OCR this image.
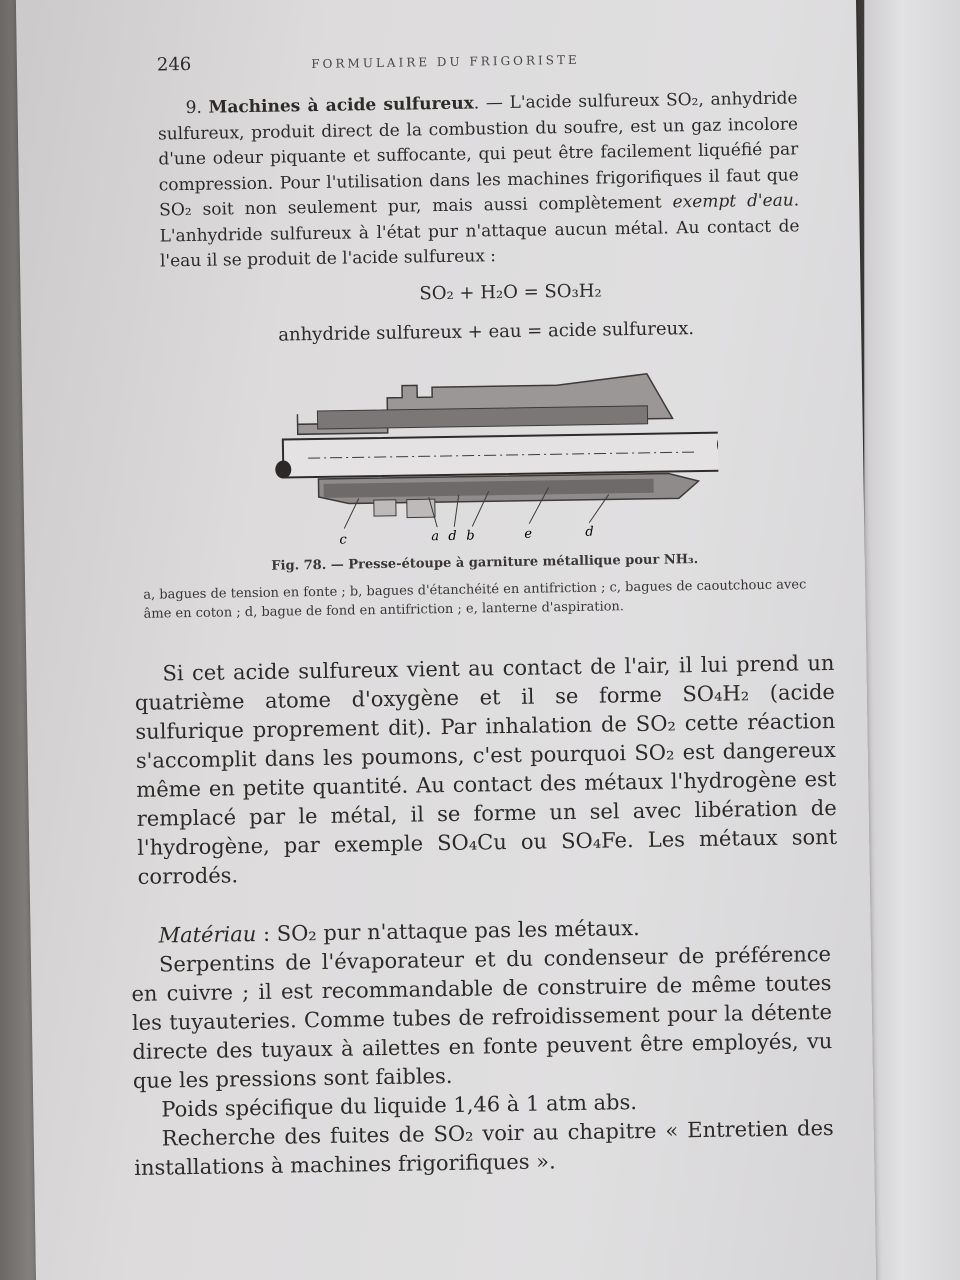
246	FORMULAIRE DU FRIGORISTE

9. Machines à acide sulfureux. — L'acide sulfureux SO₂, anhydride sulfureux, produit direct de la combustion du soufre, est un gaz incolore d'une odeur piquante et suffocante, qui peut être facilement liquéfié par compression. Pour l'utilisation dans les machines frigorifiques il faut que SO₂ soit non seulement pur, mais aussi complètement exempt d'eau. L'anhydride sulfureux à l'état pur n'attaque aucun métal. Au contact de l'eau il se produit de l'acide sulfureux :

SO₂ + H₂O = SO₃H₂

anhydride sulfureux + eau = acide sulfureux.

c	a d b	e	d

Fig. 78. — Presse-étoupe à garniture métallique pour NH₃.

a, bagues de tension en fonte ; b, bagues d'étanchéité en antifriction ; c, bagues de caoutchouc avec âme en coton ; d, bague de fond en antifriction ; e, lanterne d'aspiration.

Si cet acide sulfureux vient au contact de l'air, il lui prend un quatrième atome d'oxygène et il se forme SO₄H₂ (acide sulfurique proprement dit). Par inhalation de SO₂ cette réaction s'accomplit dans les poumons, c'est pourquoi SO₂ est dangereux même en petite quantité. Au contact des métaux l'hydrogène est remplacé par le métal, il se forme un sel avec libération de l'hydrogène, par exemple SO₄Cu ou SO₄Fe. Les métaux sont corrodés.

Matériau : SO₂ pur n'attaque pas les métaux.

Serpentins de l'évaporateur et du condenseur de préférence en cuivre ; il est recommandable de construire de même toutes les tuyauteries. Comme tubes de refroidissement pour la détente directe des tuyaux à ailettes en fonte peuvent être employés, vu que les pressions sont faibles.

Poids spécifique du liquide 1,46 à 1 atm abs.

Recherche des fuites de SO₂ voir au chapitre « Entretien des installations à machines frigorifiques ».
